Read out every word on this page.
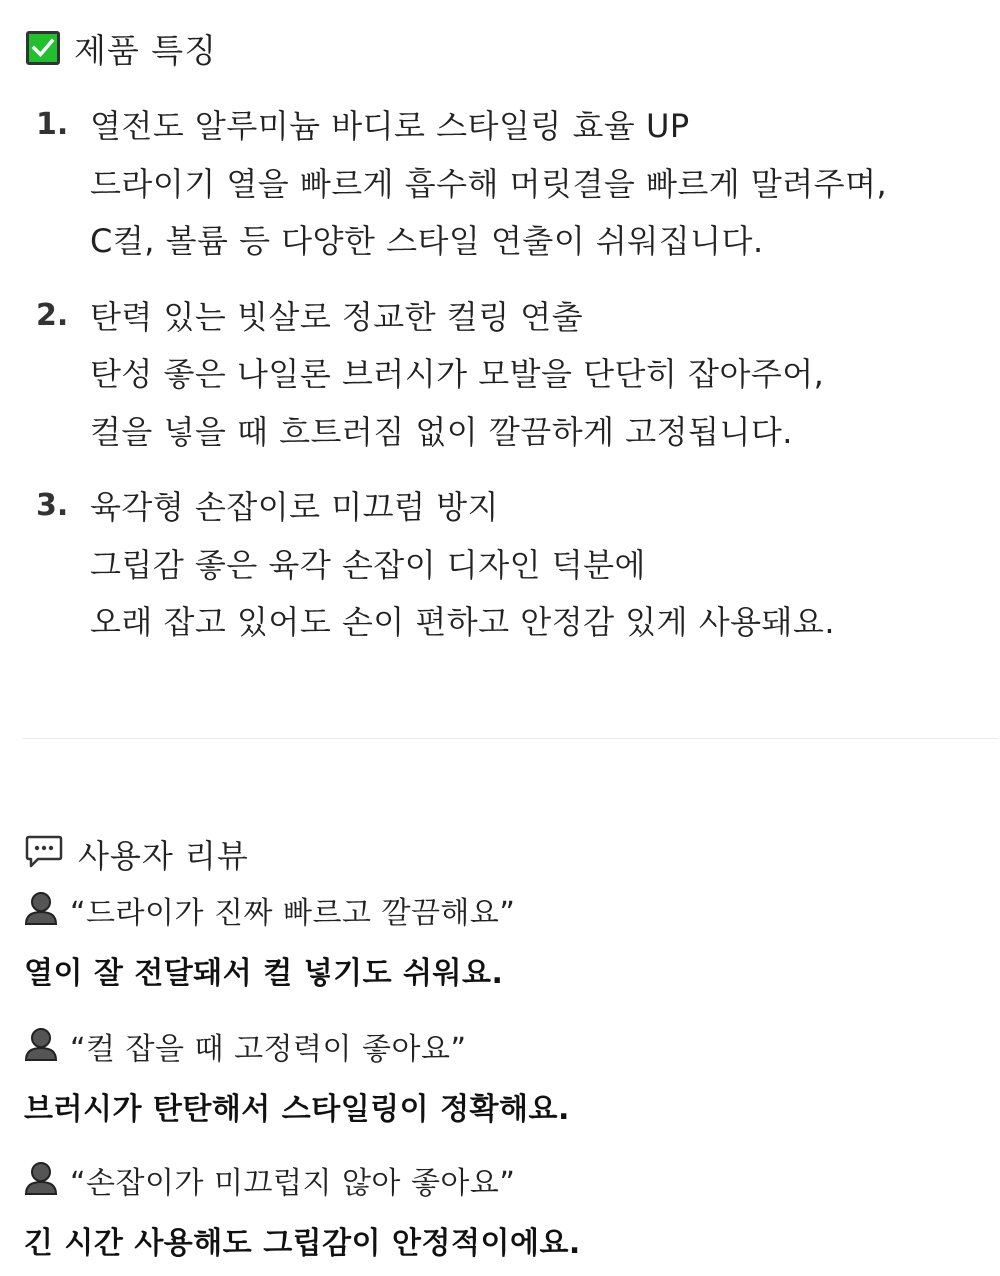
제품 특징
1. 열전도 알루미늄 바디로 스타일링 효율 UP
드라이기 열을 빠르게 흡수해 머릿결을 빠르게 말려주며,
C컬, 볼륨 등 다양한 스타일 연출이 쉬워집니다.
2. 탄력 있는 빗살로 정교한 컬링 연출
탄성 좋은 나일론 브러시가 모발을 단단히 잡아주어,
컬을 넣을 때 흐트러짐 없이 깔끔하게 고정됩니다.
3. 육각형 손잡이로 미끄럼 방지
그립감 좋은 육각 손잡이 디자인 덕분에
오래 잡고 있어도 손이 편하고 안정감 있게 사용돼요.
사용자 리뷰
“드라이가 진짜 빠르고 깔끔해요”
열이 잘 전달돼서 컬 넣기도 쉬워요.
“컬 잡을 때 고정력이 좋아요”
브러시가 탄탄해서 스타일링이 정확해요.
“손잡이가 미끄럽지 않아 좋아요”
긴 시간 사용해도 그립감이 안정적이에요.
